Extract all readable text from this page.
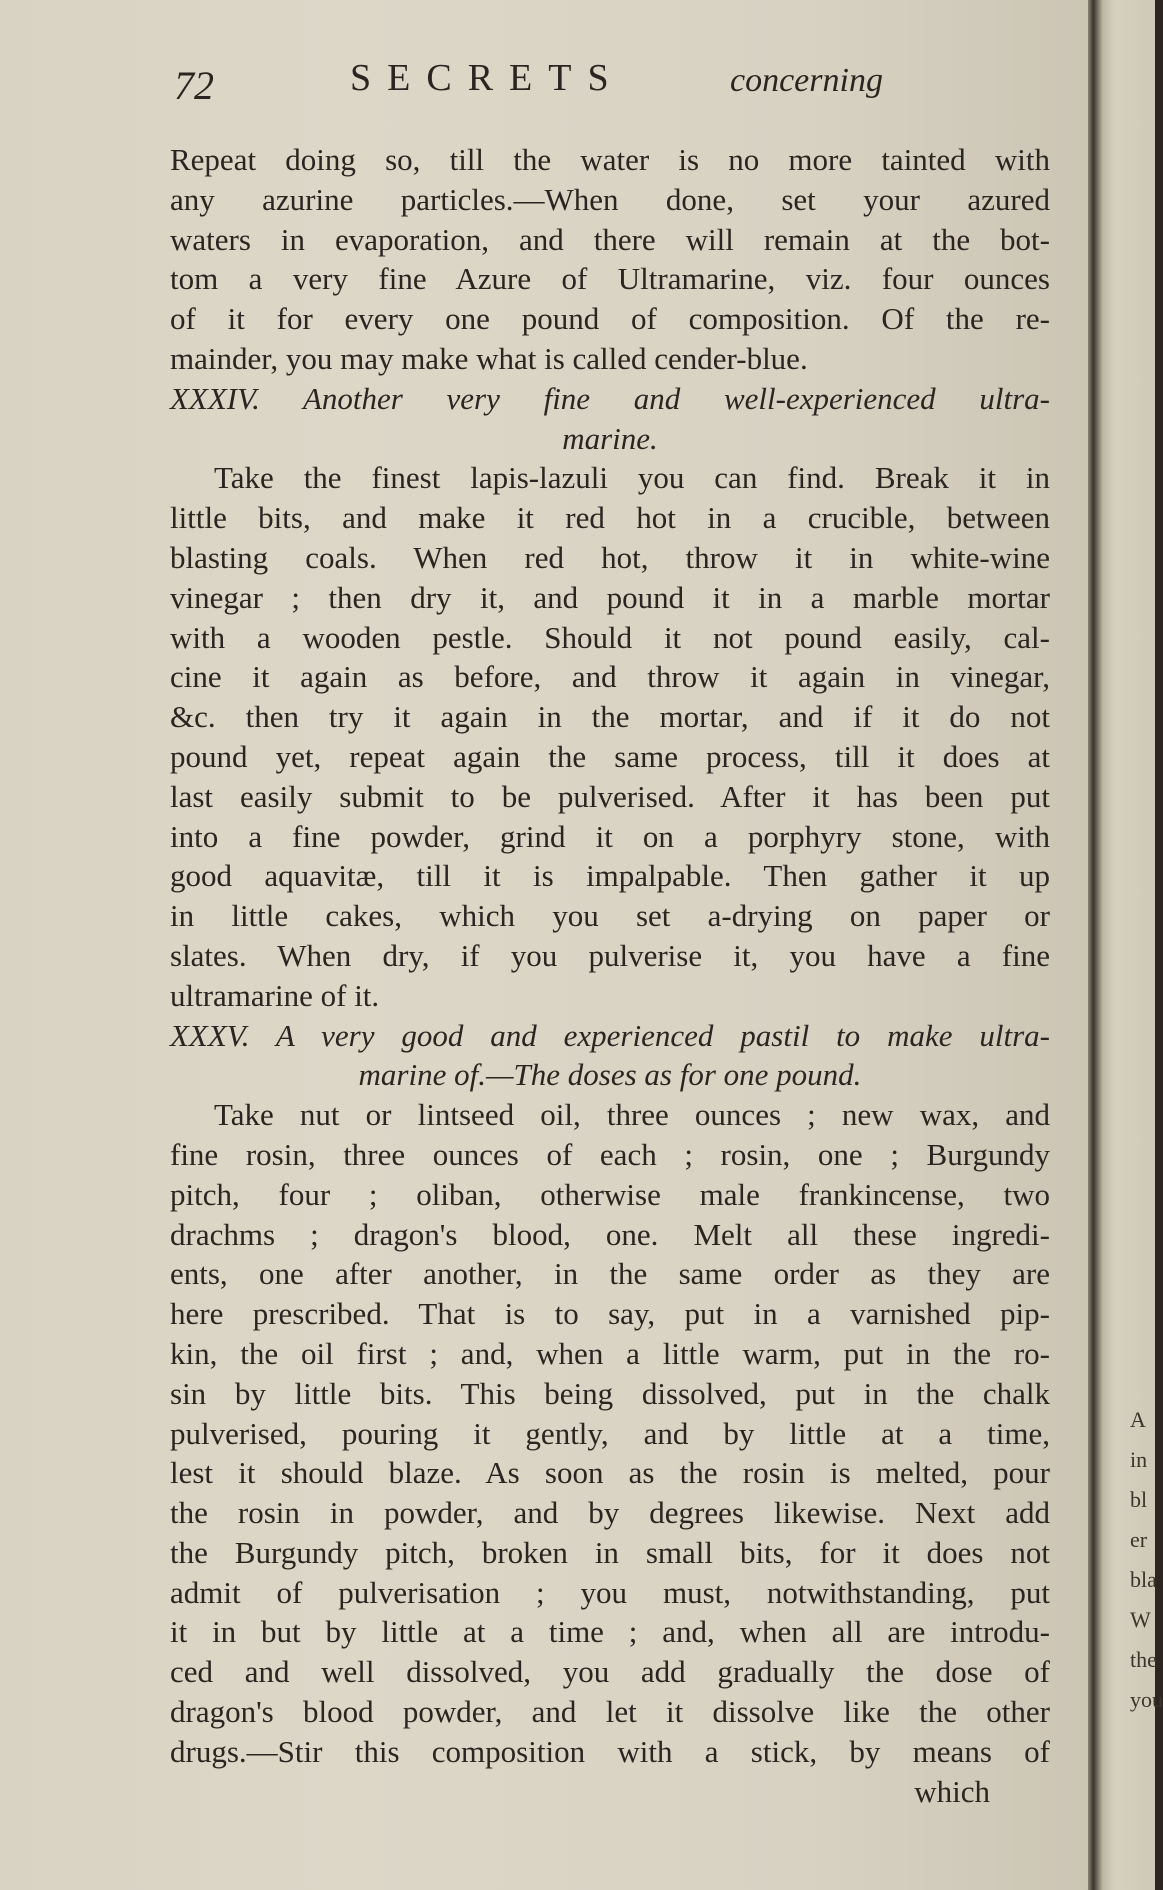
A
in
bl
er
bla
W
the
you
72	SECRETS	concerning
Repeat doing so, till the water is no more tainted with
any azurine particles.—When done, set your azured
waters in evaporation, and there will remain at the bot-
tom a very fine Azure of Ultramarine, viz. four ounces
of it for every one pound of composition. Of the re-
mainder, you may make what is called cender-blue.
XXXIV. Another very fine and well-experienced ultra-
marine.
Take the finest lapis-lazuli you can find. Break it in
little bits, and make it red hot in a crucible, between
blasting coals. When red hot, throw it in white-wine
vinegar ; then dry it, and pound it in a marble mortar
with a wooden pestle. Should it not pound easily, cal-
cine it again as before, and throw it again in vinegar,
&c. then try it again in the mortar, and if it do not
pound yet, repeat again the same process, till it does at
last easily submit to be pulverised. After it has been put
into a fine powder, grind it on a porphyry stone, with
good aquavitæ, till it is impalpable. Then gather it up
in little cakes, which you set a-drying on paper or
slates. When dry, if you pulverise it, you have a fine
ultramarine of it.
XXXV. A very good and experienced pastil to make ultra-
marine of.—The doses as for one pound.
Take nut or lintseed oil, three ounces ; new wax, and
fine rosin, three ounces of each ; rosin, one ; Burgundy
pitch, four ; oliban, otherwise male frankincense, two
drachms ; dragon's blood, one. Melt all these ingredi-
ents, one after another, in the same order as they are
here prescribed. That is to say, put in a varnished pip-
kin, the oil first ; and, when a little warm, put in the ro-
sin by little bits. This being dissolved, put in the chalk
pulverised, pouring it gently, and by little at a time,
lest it should blaze. As soon as the rosin is melted, pour
the rosin in powder, and by degrees likewise. Next add
the Burgundy pitch, broken in small bits, for it does not
admit of pulverisation ; you must, notwithstanding, put
it in but by little at a time ; and, when all are introdu-
ced and well dissolved, you add gradually the dose of
dragon's blood powder, and let it dissolve like the other
drugs.—Stir this composition with a stick, by means of
which
